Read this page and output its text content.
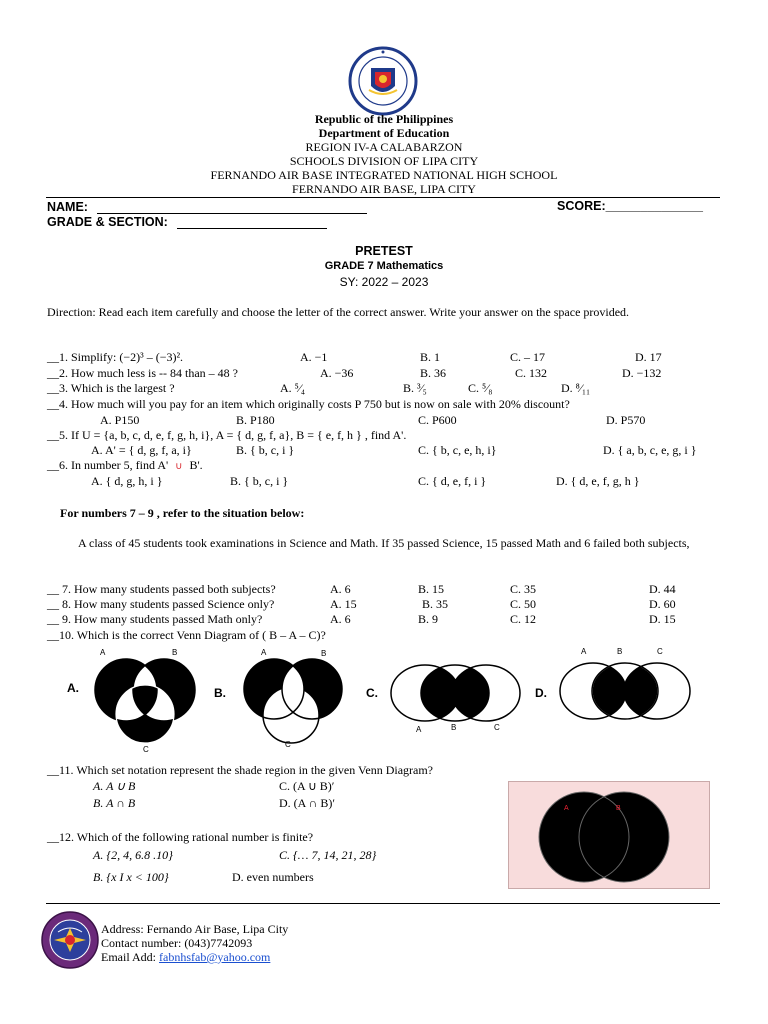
Republic of the Philippines
Department of Education
REGION IV-A CALABARZON
SCHOOLS DIVISION OF LIPA CITY
FERNANDO AIR BASE INTEGRATED NATIONAL HIGH SCHOOL
FERNANDO AIR BASE, LIPA CITY
NAME:	SCORE:______________
GRADE & SECTION:
PRETEST
GRADE 7 Mathematics
SY: 2022 – 2023
Direction: Read each item carefully and choose the letter of the correct answer. Write your answer on the space provided.
__1. Simplify: (−2)³ – (−3)².	A. −1	B. 1	C. – 17	D. 17
__2. How much less is -- 84 than – 48 ?	A. −36	B. 36	C. 132	D. −132
__3. Which is the largest ?	A. ⁵⁄₄	B. ³⁄₅	C. ⁵⁄₈	D. ⁸⁄₁₁
__4. How much will you pay for an item which originally costs P 750 but is now on sale with 20% discount?
A. P150	B. P180	C. P600	D. P570
__5. If U = {a, b, c, d, e, f, g, h, i}, A = { d, g, f, a}, B = { e, f, h } , find A'.
A. A' = { d, g, f, a, i}	B. { b, c, i }	C. { b, c, e, h, i}	D. { a, b, c, e, g, i }
__6. In number 5, find A' ∪ B'.
A. { d, g, h, i }	B. { b, c, i }	C. { d, e, f, i }	D. { d, e, f, g, h }
For numbers 7 – 9 , refer to the situation below:
A class of 45 students took examinations in Science and Math. If 35 passed Science, 15 passed Math and 6 failed both subjects,
__ 7. How many students passed both subjects?	A. 6	B. 15	C. 35	D. 44
__ 8. How many students passed Science only?	A. 15	B. 35	C. 50	D. 60
__ 9. How many students passed Math only?	A. 6	B. 9	C. 12	D. 15
__10. Which is the correct Venn Diagram of ( B – A – C)?
A.
A	B
C
B.
A	B
C
C.
A	B	C
D.
A	B	C
__11. Which set notation represent the shade region in the given Venn Diagram?
A. A ∪ B	C. (A ∪ B)′
B. A ∩ B	D. (A ∩ B)′	A	B
__12. Which of the following rational number is finite?
A. {2, 4, 6.8 .10}	C. {… 7, 14, 21, 28}
B. {x I x < 100}	D. even numbers
Address: Fernando Air Base, Lipa City
Contact number: (043)7742093
Email Add: fabnhsfab@yahoo.com
